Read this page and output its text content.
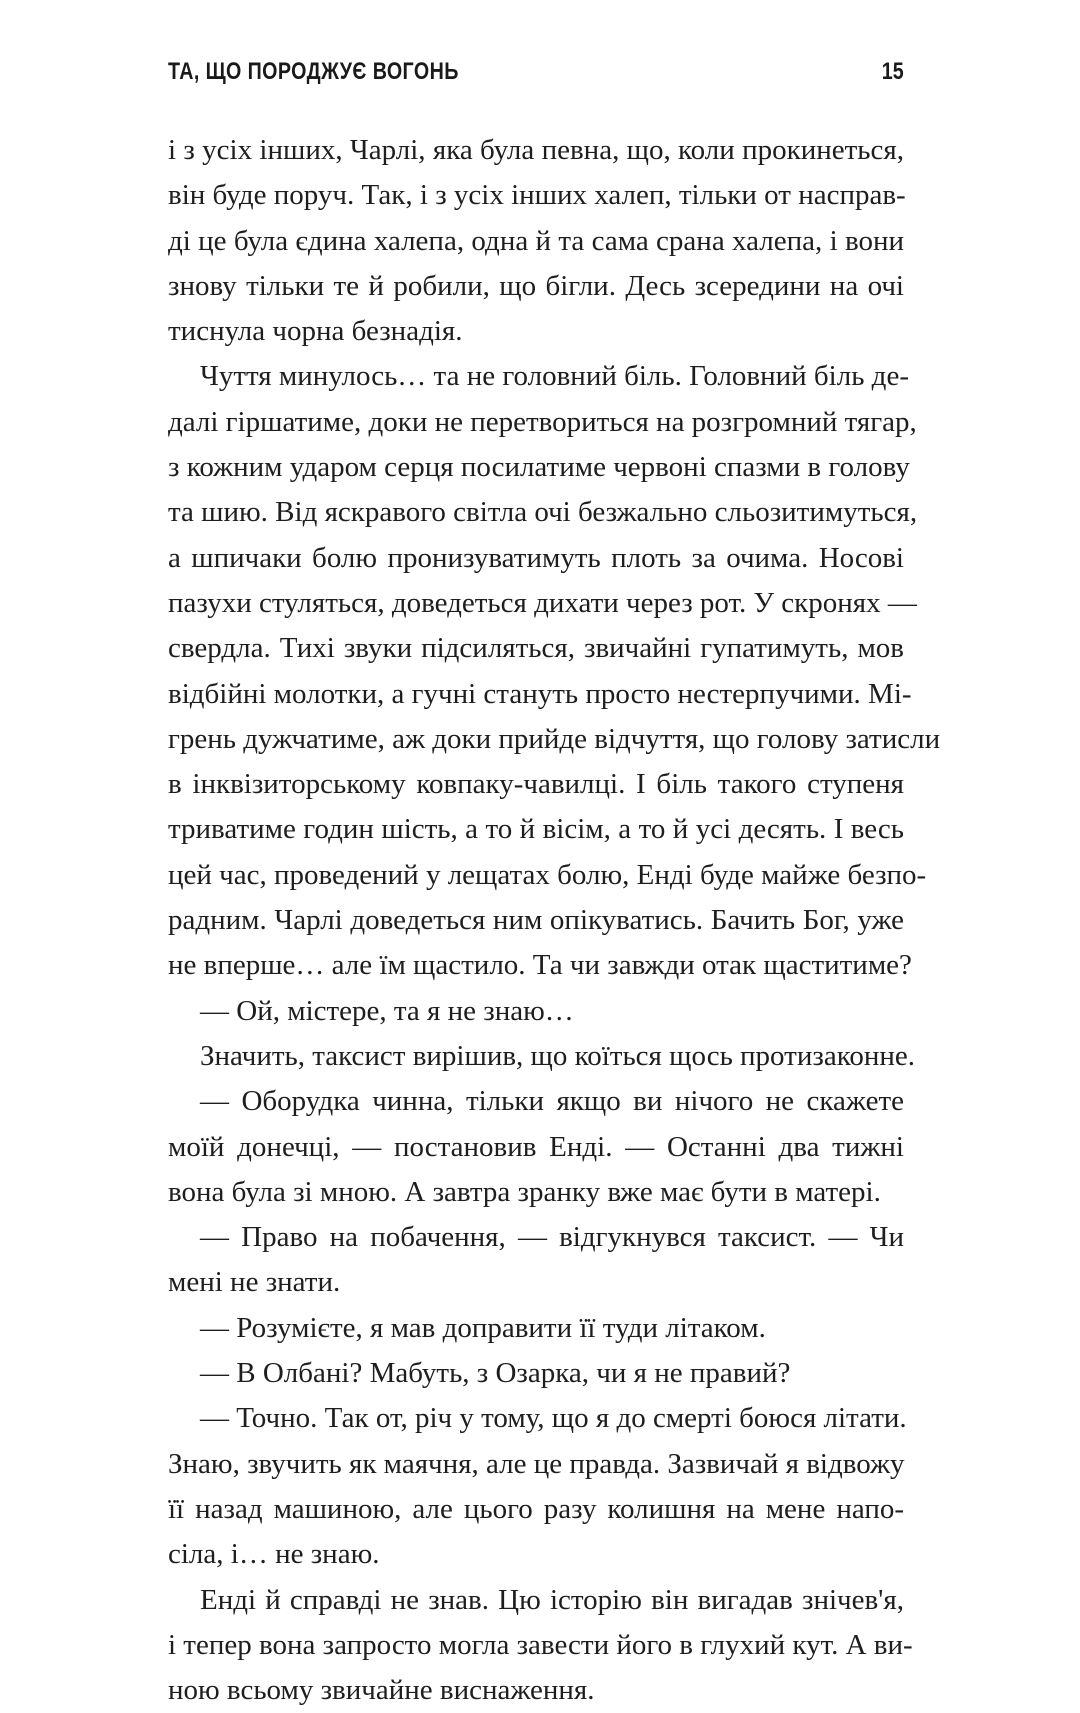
ТА, ЩО ПОРОДЖУЄ ВОГОНЬ	15
і з усіх інших, Чарлі, яка була певна, що, коли прокинеться,
він буде поруч. Так, і з усіх інших халеп, тільки от насправ-
ді це була єдина халепа, одна й та сама срана халепа, і вони
знову тільки те й робили, що бігли. Десь зсередини на очі
тиснула чорна безнадія.
Чуття минулось… та не головний біль. Головний біль де-
далі гіршатиме, доки не перетвориться на розгромний тягар,
з кожним ударом серця посилатиме червоні спазми в голову
та шию. Від яскравого світла очі безжально сльозитимуться,
а шпичаки болю пронизуватимуть плоть за очима. Носові
пазухи стуляться, доведеться дихати через рот. У скронях —
свердла. Тихі звуки підсиляться, звичайні гупатимуть, мов
відбійні молотки, а гучні стануть просто нестерпучими. Мі-
грень дужчатиме, аж доки прийде відчуття, що голову затисли
в інквізиторському ковпаку-чавилці. І біль такого ступеня
триватиме годин шість, а то й вісім, а то й усі десять. І весь
цей час, проведений у лещатах болю, Енді буде майже безпо-
радним. Чарлі доведеться ним опікуватись. Бачить Бог, уже
не вперше… але їм щастило. Та чи завжди отак щаститиме?
— Ой, містере, та я не знаю…
Значить, таксист вирішив, що коїться щось протизаконне.
— Оборудка чинна, тільки якщо ви нічого не скажете
моїй донечці, — постановив Енді. — Останні два тижні
вона була зі мною. А завтра зранку вже має бути в матері.
— Право на побачення, — відгукнувся таксист. — Чи
мені не знати.
— Розумієте, я мав доправити її туди літаком.
— В Олбані? Мабуть, з Озарка, чи я не правий?
— Точно. Так от, річ у тому, що я до смерті боюся літати.
Знаю, звучить як маячня, але це правда. Зазвичай я відвожу
її назад машиною, але цього разу колишня на мене напо-
сіла, і… не знаю.
Енді й справді не знав. Цю історію він вигадав знічев'я,
і тепер вона запросто могла завести його в глухий кут. А ви-
ною всьому звичайне виснаження.
